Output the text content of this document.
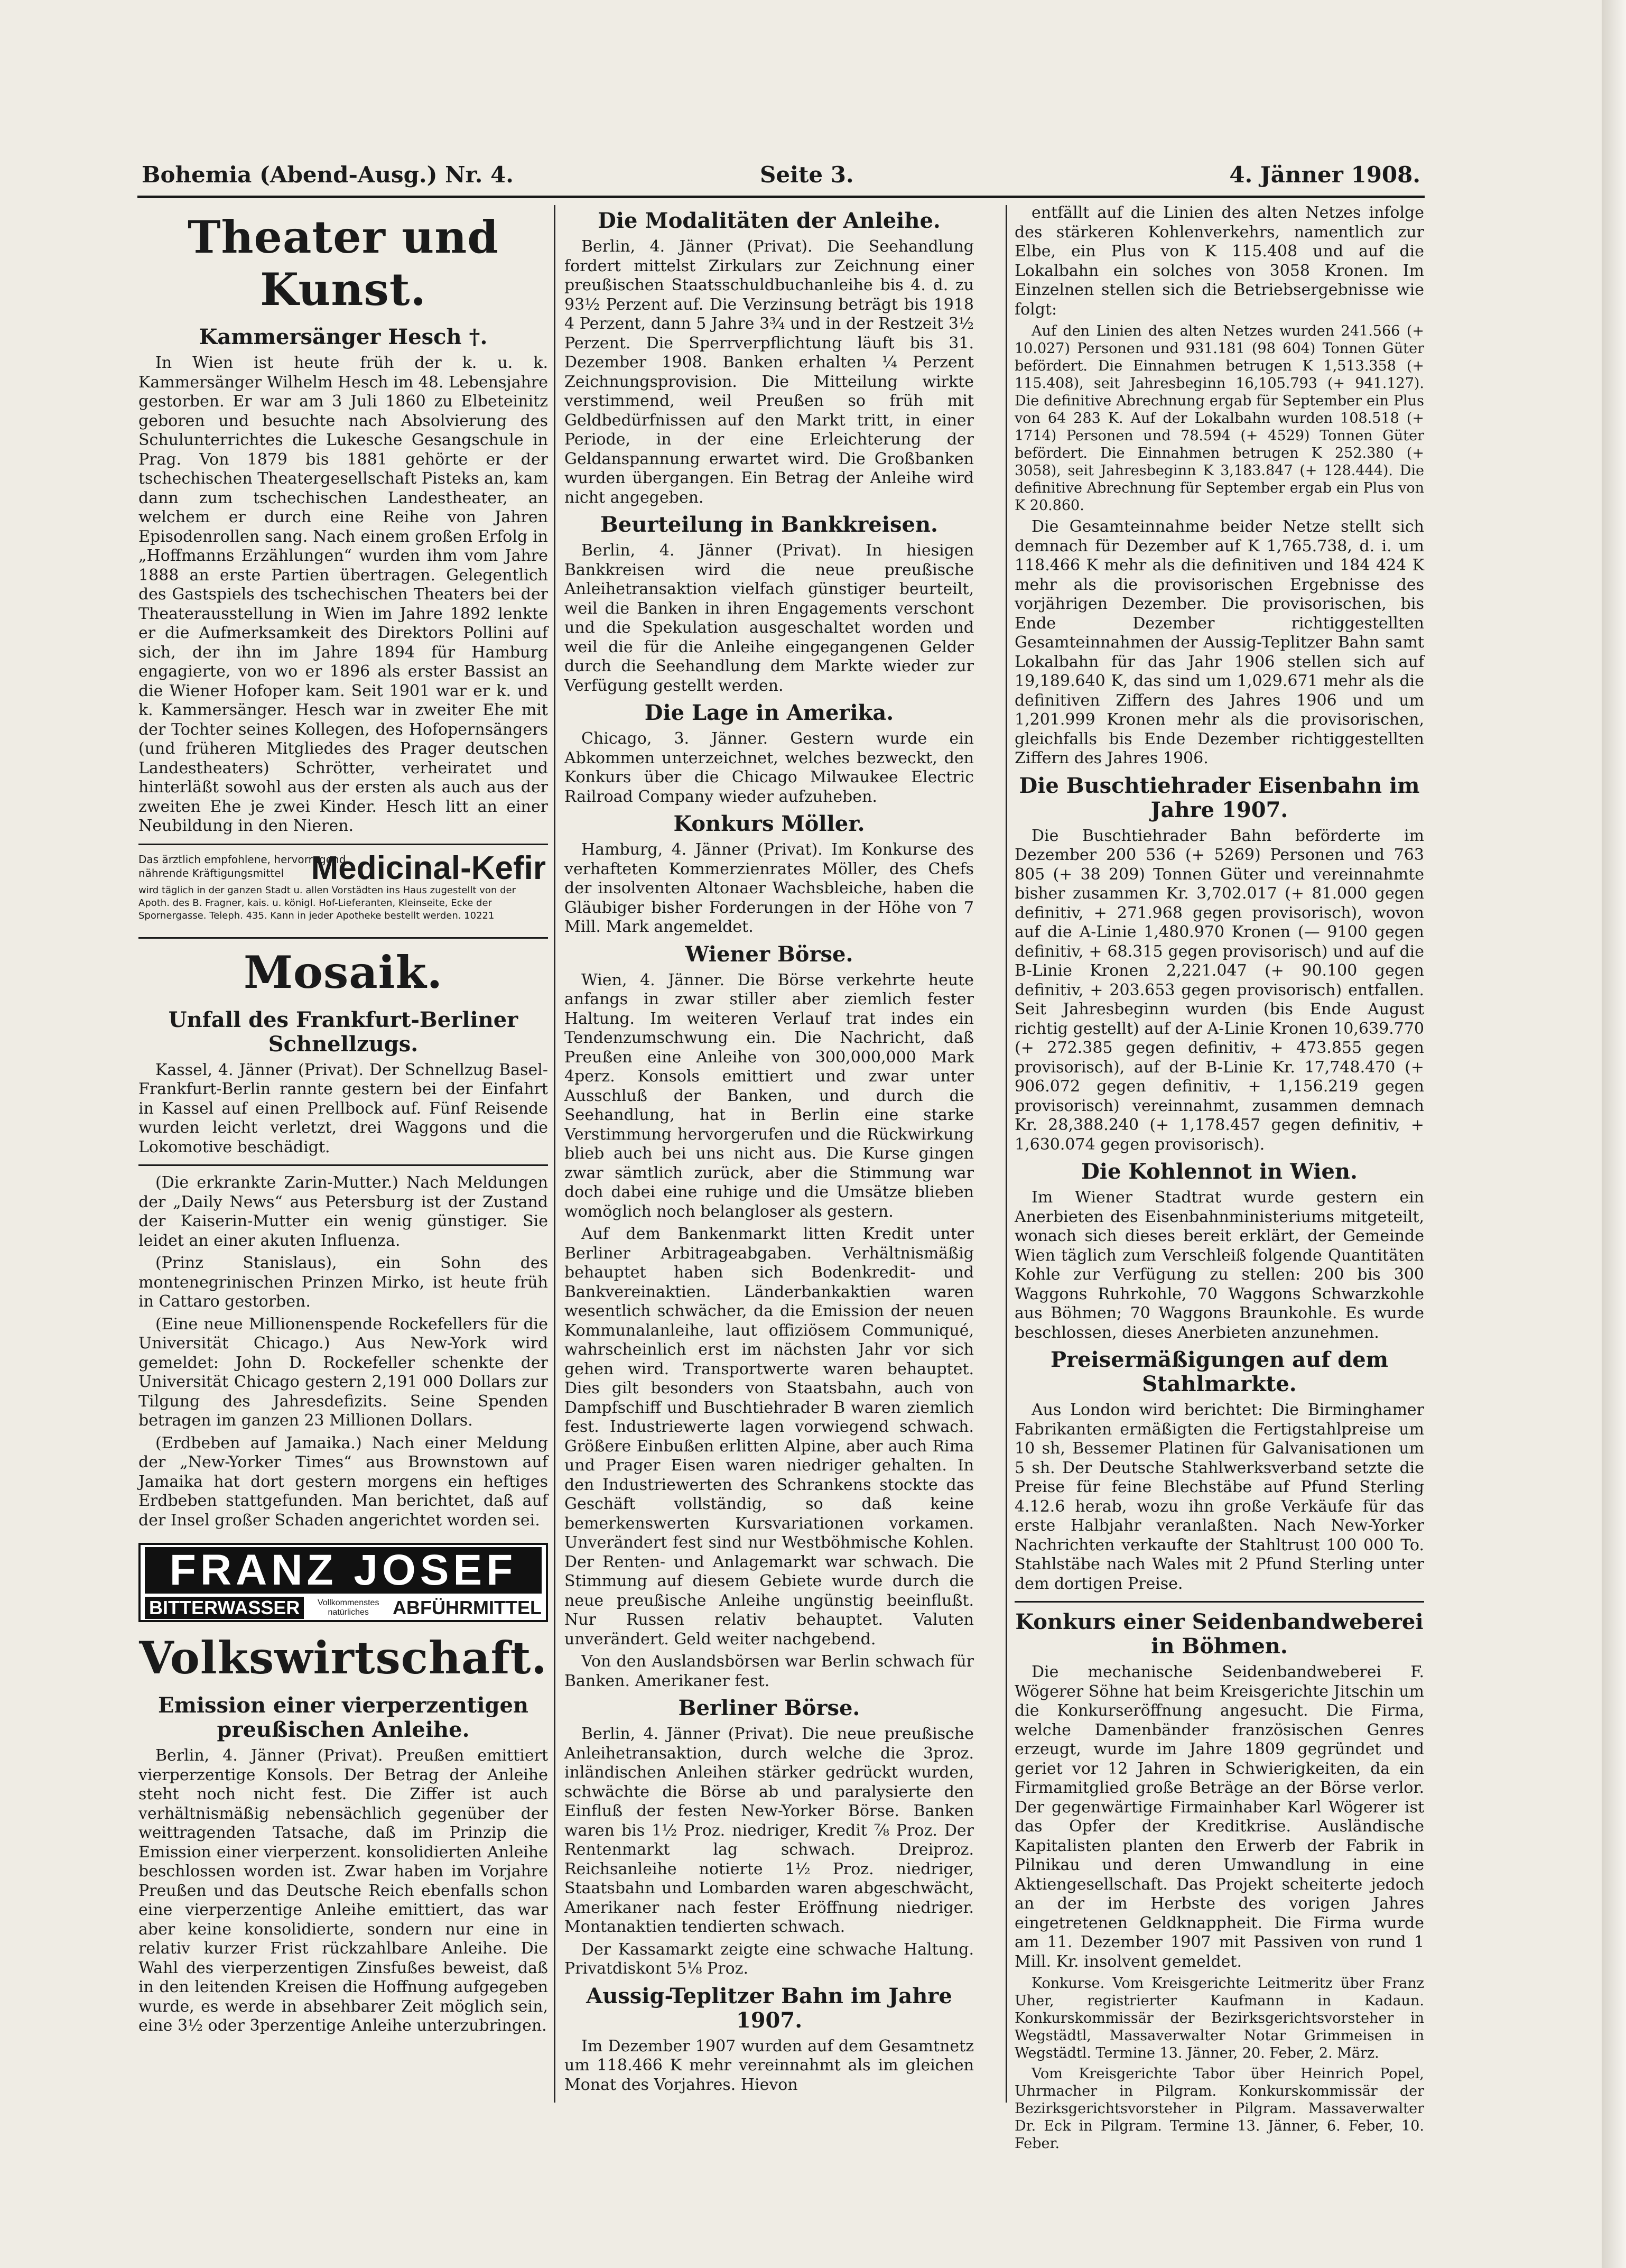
Bohemia (Abend-Ausg.) Nr. 4.	Seite 3.	4. Jänner 1908.
Theater und Kunst.
Kammersänger Hesch †.

In Wien ist heute früh der k. u. k. Kammersänger Wilhelm Hesch im 48. Lebensjahre gestorben. Er war am 3 Juli 1860 zu Elbeteinitz geboren und besuchte nach Absolvierung des Schulunterrichtes die Lukesche Gesangschule in Prag. Von 1879 bis 1881 gehörte er der tschechischen Theatergesellschaft Pisteks an, kam dann zum tschechischen Landestheater, an welchem er durch eine Reihe von Jahren Episodenrollen sang. Nach einem großen Erfolg in „Hoffmanns Erzählungen“ wurden ihm vom Jahre 1888 an erste Partien übertragen. Gelegentlich des Gastspiels des tschechischen Theaters bei der Theaterausstellung in Wien im Jahre 1892 lenkte er die Aufmerksamkeit des Direktors Pollini auf sich, der ihn im Jahre 1894 für Hamburg engagierte, von wo er 1896 als erster Bassist an die Wiener Hofoper kam. Seit 1901 war er k. und k. Kammersänger. Hesch war in zweiter Ehe mit der Tochter seines Kollegen, des Hofopernsängers (und früheren Mitgliedes des Prager deutschen Landestheaters) Schrötter, verheiratet und hinterläßt sowohl aus der ersten als auch aus der zweiten Ehe je zwei Kinder. Hesch litt an einer Neubildung in den Nieren.

Das ärztlich empfohlene, hervorragend nährende Kräftigungsmittel Medicinal-Kefir
wird täglich in der ganzen Stadt u. allen Vorstädten ins Haus zugestellt von der Apoth. des B. Fragner, kais. u. königl. Hof-Lieferanten, Kleinseite, Ecke der Spornergasse. Teleph. 435. Kann in jeder Apotheke bestellt werden. 10221
Mosaik.
Unfall des Frankfurt-Berliner Schnellzugs.

Kassel, 4. Jänner (Privat). Der Schnellzug Basel-Frankfurt-Berlin rannte gestern bei der Einfahrt in Kassel auf einen Prellbock auf. Fünf Reisende wurden leicht verletzt, drei Waggons und die Lokomotive beschädigt.

(Die erkrankte Zarin-Mutter.) Nach Meldungen der „Daily News“ aus Petersburg ist der Zustand der Kaiserin-Mutter ein wenig günstiger. Sie leidet an einer akuten Influenza.

(Prinz Stanislaus), ein Sohn des montenegrinischen Prinzen Mirko, ist heute früh in Cattaro gestorben.

(Eine neue Millionenspende Rockefellers für die Universität Chicago.) Aus New-York wird gemeldet: John D. Rockefeller schenkte der Universität Chicago gestern 2,191 000 Dollars zur Tilgung des Jahresdefizits. Seine Spenden betragen im ganzen 23 Millionen Dollars.

(Erdbeben auf Jamaika.) Nach einer Meldung der „New-Yorker Times“ aus Brownstown auf Jamaika hat dort gestern morgens ein heftiges Erdbeben stattgefunden. Man berichtet, daß auf der Insel großer Schaden angerichtet worden sei.

FRANZ JOSEF
BITTERWASSER	Vollkommenstes natürliches	ABFÜHRMITTEL
Volkswirtschaft.
Emission einer vierperzentigen preußischen Anleihe.

Berlin, 4. Jänner (Privat). Preußen emittiert vierperzentige Konsols. Der Betrag der Anleihe steht noch nicht fest. Die Ziffer ist auch verhältnismäßig nebensächlich gegenüber der weittragenden Tatsache, daß im Prinzip die Emission einer vierperzent. konsolidierten Anleihe beschlossen worden ist. Zwar haben im Vorjahre Preußen und das Deutsche Reich ebenfalls schon eine vierperzentige Anleihe emittiert, das war aber keine konsolidierte, sondern nur eine in relativ kurzer Frist rückzahlbare Anleihe. Die Wahl des vierperzentigen Zinsfußes beweist, daß in den leitenden Kreisen die Hoffnung aufgegeben wurde, es werde in absehbarer Zeit möglich sein, eine 3½ oder 3perzentige Anleihe unterzubringen.

Die Modalitäten der Anleihe.

Berlin, 4. Jänner (Privat). Die Seehandlung fordert mittelst Zirkulars zur Zeichnung einer preußischen Staatsschuldbuchanleihe bis 4. d. zu 93½ Perzent auf. Die Verzinsung beträgt bis 1918 4 Perzent, dann 5 Jahre 3¾ und in der Restzeit 3½ Perzent. Die Sperrverpflichtung läuft bis 31. Dezember 1908. Banken erhalten ¼ Perzent Zeichnungsprovision. Die Mitteilung wirkte verstimmend, weil Preußen so früh mit Geldbedürfnissen auf den Markt tritt, in einer Periode, in der eine Erleichterung der Geldanspannung erwartet wird. Die Großbanken wurden übergangen. Ein Betrag der Anleihe wird nicht angegeben.

Beurteilung in Bankkreisen.

Berlin, 4. Jänner (Privat). In hiesigen Bankkreisen wird die neue preußische Anleihetransaktion vielfach günstiger beurteilt, weil die Banken in ihren Engagements verschont und die Spekulation ausgeschaltet worden und weil die für die Anleihe eingegangenen Gelder durch die Seehandlung dem Markte wieder zur Verfügung gestellt werden.

Die Lage in Amerika.

Chicago, 3. Jänner. Gestern wurde ein Abkommen unterzeichnet, welches bezweckt, den Konkurs über die Chicago Milwaukee Electric Railroad Company wieder aufzuheben.

Konkurs Möller.

Hamburg, 4. Jänner (Privat). Im Konkurse des verhafteten Kommerzienrates Möller, des Chefs der insolventen Altonaer Wachsbleiche, haben die Gläubiger bisher Forderungen in der Höhe von 7 Mill. Mark angemeldet.

Wiener Börse.

Wien, 4. Jänner. Die Börse verkehrte heute anfangs in zwar stiller aber ziemlich fester Haltung. Im weiteren Verlauf trat indes ein Tendenzumschwung ein. Die Nachricht, daß Preußen eine Anleihe von 300,000,000 Mark 4perz. Konsols emittiert und zwar unter Ausschluß der Banken, und durch die Seehandlung, hat in Berlin eine starke Verstimmung hervorgerufen und die Rückwirkung blieb auch bei uns nicht aus. Die Kurse gingen zwar sämtlich zurück, aber die Stimmung war doch dabei eine ruhige und die Umsätze blieben womöglich noch belangloser als gestern.

Auf dem Bankenmarkt litten Kredit unter Berliner Arbitrageabgaben. Verhältnismäßig behauptet haben sich Bodenkredit- und Bankvereinaktien. Länderbankaktien waren wesentlich schwächer, da die Emission der neuen Kommunalanleihe, laut offiziösem Communiqué, wahrscheinlich erst im nächsten Jahr vor sich gehen wird. Transportwerte waren behauptet. Dies gilt besonders von Staatsbahn, auch von Dampfschiff und Buschtiehrader B waren ziemlich fest. Industriewerte lagen vorwiegend schwach. Größere Einbußen erlitten Alpine, aber auch Rima und Prager Eisen waren niedriger gehalten. In den Industriewerten des Schrankens stockte das Geschäft vollständig, so daß keine bemerkenswerten Kursvariationen vorkamen. Unverändert fest sind nur Westböhmische Kohlen. Der Renten- und Anlagemarkt war schwach. Die Stimmung auf diesem Gebiete wurde durch die neue preußische Anleihe ungünstig beeinflußt. Nur Russen relativ behauptet. Valuten unverändert. Geld weiter nachgebend.

Von den Auslandsbörsen war Berlin schwach für Banken. Amerikaner fest.

Berliner Börse.

Berlin, 4. Jänner (Privat). Die neue preußische Anleihetransaktion, durch welche die 3proz. inländischen Anleihen stärker gedrückt wurden, schwächte die Börse ab und paralysierte den Einfluß der festen New-Yorker Börse. Banken waren bis 1½ Proz. niedriger, Kredit ⅞ Proz. Der Rentenmarkt lag schwach. Dreiproz. Reichsanleihe notierte 1½ Proz. niedriger, Staatsbahn und Lombarden waren abgeschwächt, Amerikaner nach fester Eröffnung niedriger. Montanaktien tendierten schwach.

Der Kassamarkt zeigte eine schwache Haltung. Privatdiskont 5⅛ Proz.

Aussig-Teplitzer Bahn im Jahre 1907.

Im Dezember 1907 wurden auf dem Gesamtnetz um 118.466 K mehr vereinnahmt als im gleichen Monat des Vorjahres. Hievon

entfällt auf die Linien des alten Netzes infolge des stärkeren Kohlenverkehrs, namentlich zur Elbe, ein Plus von K 115.408 und auf die Lokalbahn ein solches von 3058 Kronen. Im Einzelnen stellen sich die Betriebsergebnisse wie folgt:

Auf den Linien des alten Netzes wurden 241.566 (+ 10.027) Personen und 931.181 (98 604) Tonnen Güter befördert. Die Einnahmen betrugen K 1,513.358 (+ 115.408), seit Jahresbeginn 16,105.793 (+ 941.127). Die definitive Abrechnung ergab für September ein Plus von 64 283 K. Auf der Lokalbahn wurden 108.518 (+ 1714) Personen und 78.594 (+ 4529) Tonnen Güter befördert. Die Einnahmen betrugen K 252.380 (+ 3058), seit Jahresbeginn K 3,183.847 (+ 128.444). Die definitive Abrechnung für September ergab ein Plus von K 20.860.

Die Gesamteinnahme beider Netze stellt sich demnach für Dezember auf K 1,765.738, d. i. um 118.466 K mehr als die definitiven und 184 424 K mehr als die provisorischen Ergebnisse des vorjährigen Dezember. Die provisorischen, bis Ende Dezember richtiggestellten Gesamteinnahmen der Aussig-Teplitzer Bahn samt Lokalbahn für das Jahr 1906 stellen sich auf 19,189.640 K, das sind um 1,029.671 mehr als die definitiven Ziffern des Jahres 1906 und um 1,201.999 Kronen mehr als die provisorischen, gleichfalls bis Ende Dezember richtiggestellten Ziffern des Jahres 1906.

Die Buschtiehrader Eisenbahn im Jahre 1907.

Die Buschtiehrader Bahn beförderte im Dezember 200 536 (+ 5269) Personen und 763 805 (+ 38 209) Tonnen Güter und vereinnahmte bisher zusammen Kr. 3,702.017 (+ 81.000 gegen definitiv, + 271.968 gegen provisorisch), wovon auf die A-Linie 1,480.970 Kronen (— 9100 gegen definitiv, + 68.315 gegen provisorisch) und auf die B-Linie Kronen 2,221.047 (+ 90.100 gegen definitiv, + 203.653 gegen provisorisch) entfallen. Seit Jahresbeginn wurden (bis Ende August richtig gestellt) auf der A-Linie Kronen 10,639.770 (+ 272.385 gegen definitiv, + 473.855 gegen provisorisch), auf der B-Linie Kr. 17,748.470 (+ 906.072 gegen definitiv, + 1,156.219 gegen provisorisch) vereinnahmt, zusammen demnach Kr. 28,388.240 (+ 1,178.457 gegen definitiv, + 1,630.074 gegen provisorisch).

Die Kohlennot in Wien.

Im Wiener Stadtrat wurde gestern ein Anerbieten des Eisenbahnministeriums mitgeteilt, wonach sich dieses bereit erklärt, der Gemeinde Wien täglich zum Verschleiß folgende Quantitäten Kohle zur Verfügung zu stellen: 200 bis 300 Waggons Ruhrkohle, 70 Waggons Schwarzkohle aus Böhmen; 70 Waggons Braunkohle. Es wurde beschlossen, dieses Anerbieten anzunehmen.

Preisermäßigungen auf dem Stahlmarkte.

Aus London wird berichtet: Die Birminghamer Fabrikanten ermäßigten die Fertigstahlpreise um 10 sh, Bessemer Platinen für Galvanisationen um 5 sh. Der Deutsche Stahlwerksverband setzte die Preise für feine Blechstäbe auf Pfund Sterling 4.12.6 herab, wozu ihn große Verkäufe für das erste Halbjahr veranlaßten. Nach New-Yorker Nachrichten verkaufte der Stahltrust 100 000 To. Stahlstäbe nach Wales mit 2 Pfund Sterling unter dem dortigen Preise.

Konkurs einer Seidenbandweberei in Böhmen.

Die mechanische Seidenbandweberei F. Wögerer Söhne hat beim Kreisgerichte Jitschin um die Konkurseröffnung angesucht. Die Firma, welche Damenbänder französischen Genres erzeugt, wurde im Jahre 1809 gegründet und geriet vor 12 Jahren in Schwierigkeiten, da ein Firmamitglied große Beträge an der Börse verlor. Der gegenwärtige Firmainhaber Karl Wögerer ist das Opfer der Kreditkrise. Ausländische Kapitalisten planten den Erwerb der Fabrik in Pilnikau und deren Umwandlung in eine Aktiengesellschaft. Das Projekt scheiterte jedoch an der im Herbste des vorigen Jahres eingetretenen Geldknappheit. Die Firma wurde am 11. Dezember 1907 mit Passiven von rund 1 Mill. Kr. insolvent gemeldet.

Konkurse. Vom Kreisgerichte Leitmeritz über Franz Uher, registrierter Kaufmann in Kadaun. Konkurskommissär der Bezirksgerichtsvorsteher in Wegstädtl, Massaverwalter Notar Grimmeisen in Wegstädtl. Termine 13. Jänner, 20. Feber, 2. März.

Vom Kreisgerichte Tabor über Heinrich Popel, Uhrmacher in Pilgram. Konkurskommissär der Bezirksgerichtsvorsteher in Pilgram. Massaverwalter Dr. Eck in Pilgram. Termine 13. Jänner, 6. Feber, 10. Feber.
